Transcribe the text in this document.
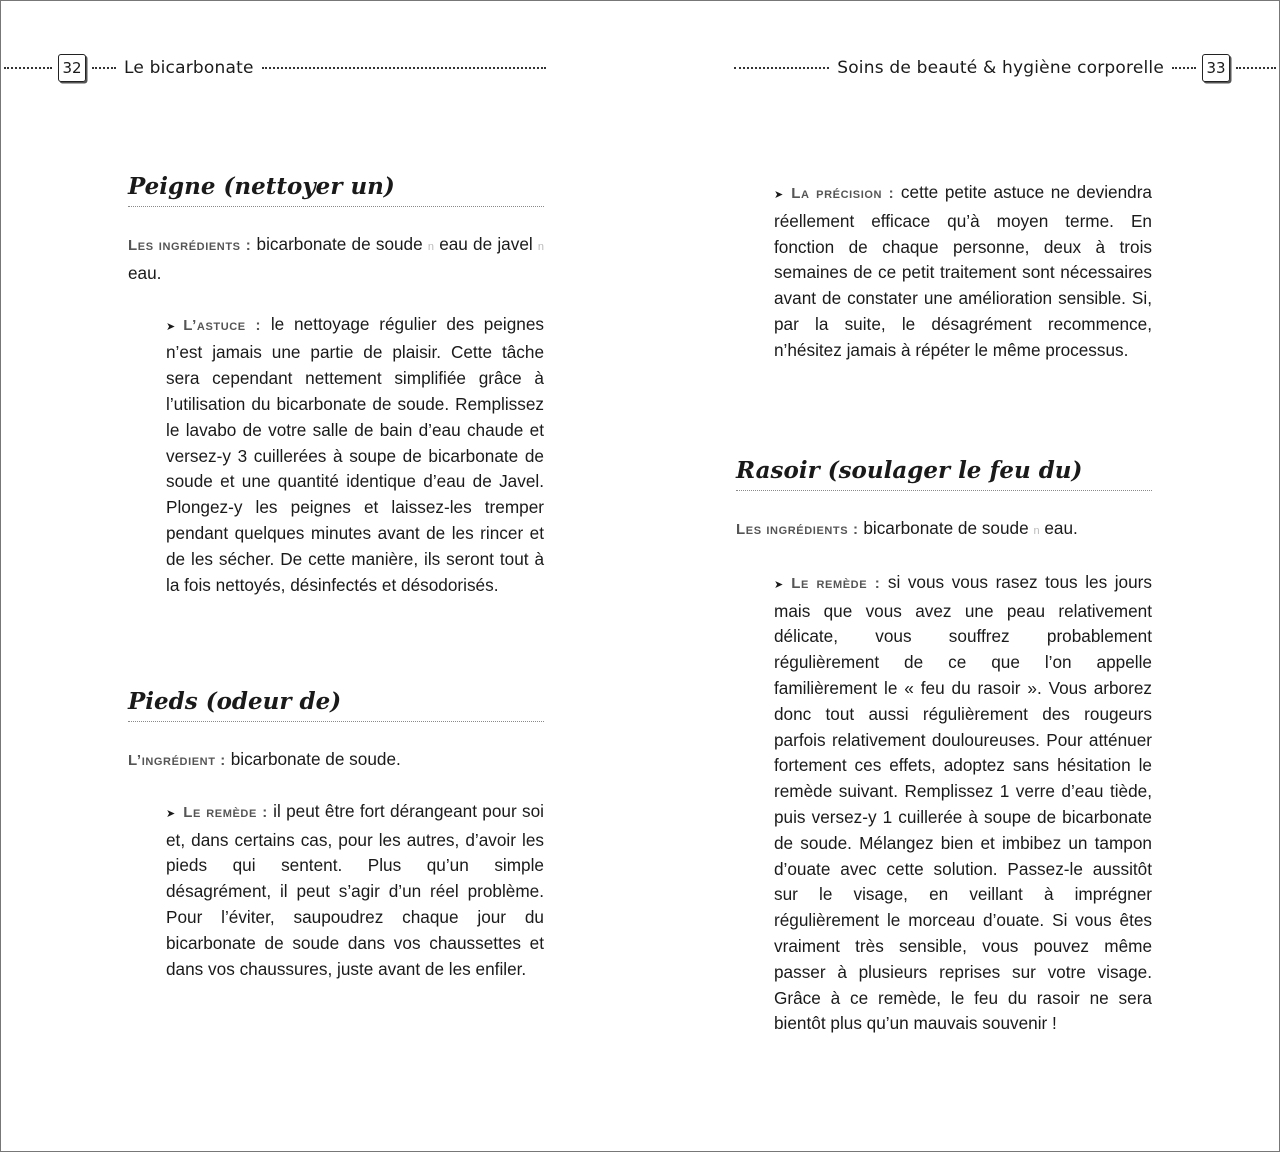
32 Le bicarbonate	Soins de beauté & hygiène corporelle	33
Peigne (nettoyer un)

Les ingrédients : bicarbonate de soude n eau de javel n eau.

➤ L’astuce : le nettoyage régulier des peignes n’est jamais une partie de plaisir. Cette tâche sera cependant nettement simplifiée grâce à l’utilisation du bicarbonate de soude. Remplissez le lavabo de votre salle de bain d’eau chaude et versez-y 3 cuillerées à soupe de bicarbonate de soude et une quantité identique d’eau de Javel. Plongez-y les peignes et laissez-les tremper pendant quelques minutes avant de les rincer et de les sécher. De cette manière, ils seront tout à la fois nettoyés, désinfectés et désodorisés.

Pieds (odeur de)

L’ingrédient : bicarbonate de soude.

➤ Le remède : il peut être fort dérangeant pour soi et, dans certains cas, pour les autres, d’avoir les pieds qui sentent. Plus qu’un simple désagrément, il peut s’agir d’un réel problème. Pour l’éviter, saupoudrez chaque jour du bicarbonate de soude dans vos chaussettes et dans vos chaussures, juste avant de les enfiler.

➤ La précision : cette petite astuce ne deviendra réellement efficace qu’à moyen terme. En fonction de chaque personne, deux à trois semaines de ce petit traitement sont nécessaires avant de constater une amélioration sensible. Si, par la suite, le désagrément recommence, n’hésitez jamais à répéter le même processus.

Rasoir (soulager le feu du)

Les ingrédients : bicarbonate de soude n eau.

➤ Le remède : si vous vous rasez tous les jours mais que vous avez une peau relativement délicate, vous souffrez probablement régulièrement de ce que l’on appelle familièrement le « feu du rasoir ». Vous arborez donc tout aussi régulièrement des rougeurs parfois relativement douloureuses. Pour atténuer fortement ces effets, adoptez sans hésitation le remède suivant. Remplissez 1 verre d’eau tiède, puis versez-y 1 cuillerée à soupe de bicarbonate de soude. Mélangez bien et imbibez un tampon d’ouate avec cette solution. Passez-le aussitôt sur le visage, en veillant à imprégner régulièrement le morceau d’ouate. Si vous êtes vraiment très sensible, vous pouvez même passer à plusieurs reprises sur votre visage. Grâce à ce remède, le feu du rasoir ne sera bientôt plus qu’un mauvais souvenir !
